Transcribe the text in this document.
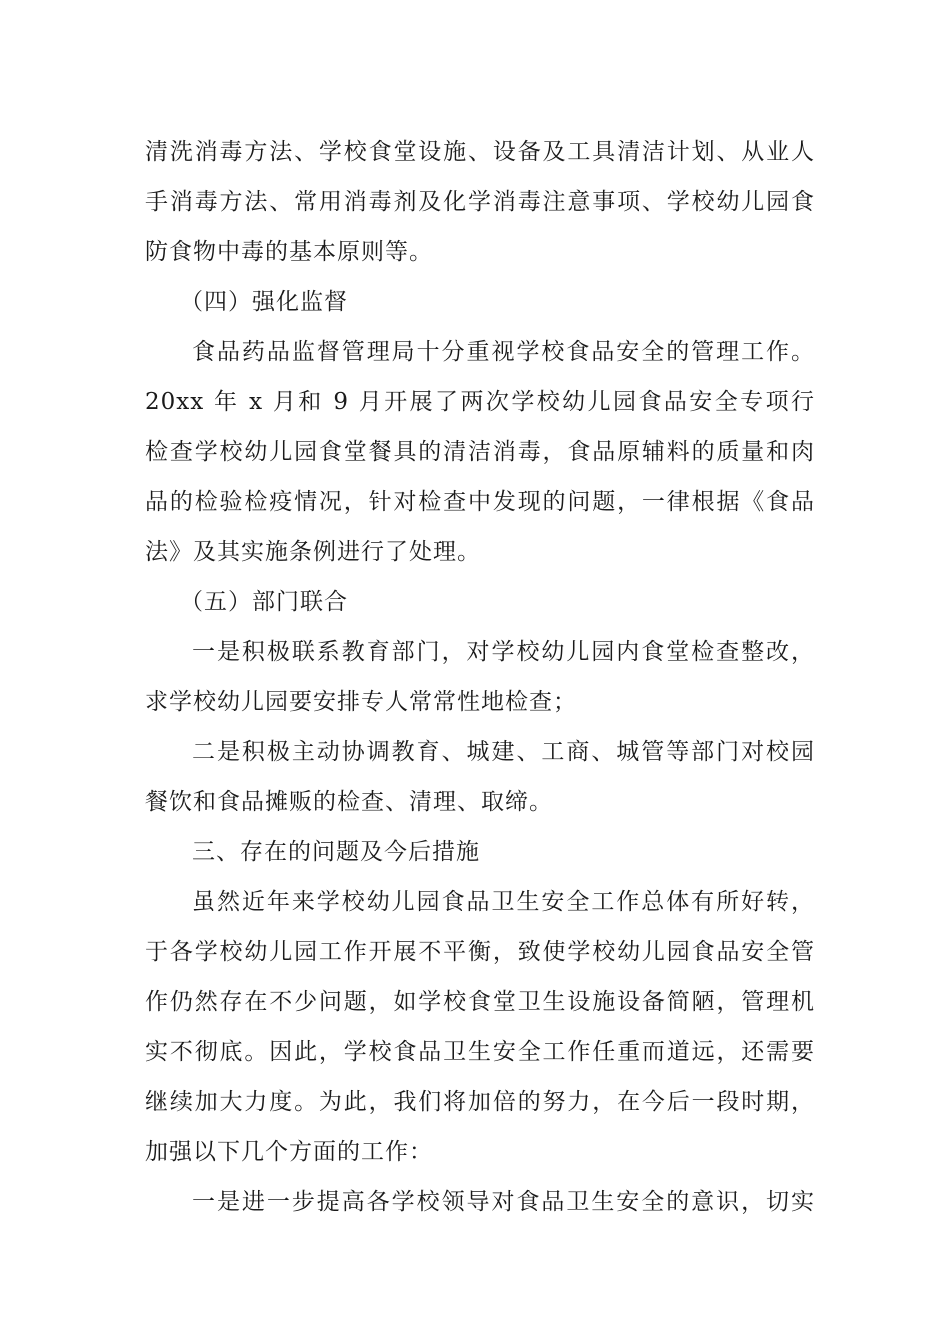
清洗消毒方法、学校食堂设施、设备及工具清洁计划、从业人
手消毒方法、常用消毒剂及化学消毒注意事项、学校幼儿园食
防食物中毒的基本原则等。
（四）强化监督
食品药品监督管理局十分重视学校食品安全的管理工作。
20xx 年 x 月和 9 月开展了两次学校幼儿园食品安全专项行
检查学校幼儿园食堂餐具的清洁消毒，食品原辅料的质量和肉
品的检验检疫情况，针对检查中发现的问题，一律根据《食品
法》及其实施条例进行了处理。
（五）部门联合
一是积极联系教育部门，对学校幼儿园内食堂检查整改，
求学校幼儿园要安排专人常常性地检查；
二是积极主动协调教育、城建、工商、城管等部门对校园
餐饮和食品摊贩的检查、清理、取缔。
三、存在的问题及今后措施
虽然近年来学校幼儿园食品卫生安全工作总体有所好转，
于各学校幼儿园工作开展不平衡，致使学校幼儿园食品安全管
作仍然存在不少问题，如学校食堂卫生设施设备简陋，管理机
实不彻底。因此，学校食品卫生安全工作任重而道远，还需要
继续加大力度。为此，我们将加倍的努力，在今后一段时期，
加强以下几个方面的工作：
一是进一步提高各学校领导对食品卫生安全的意识，切实
